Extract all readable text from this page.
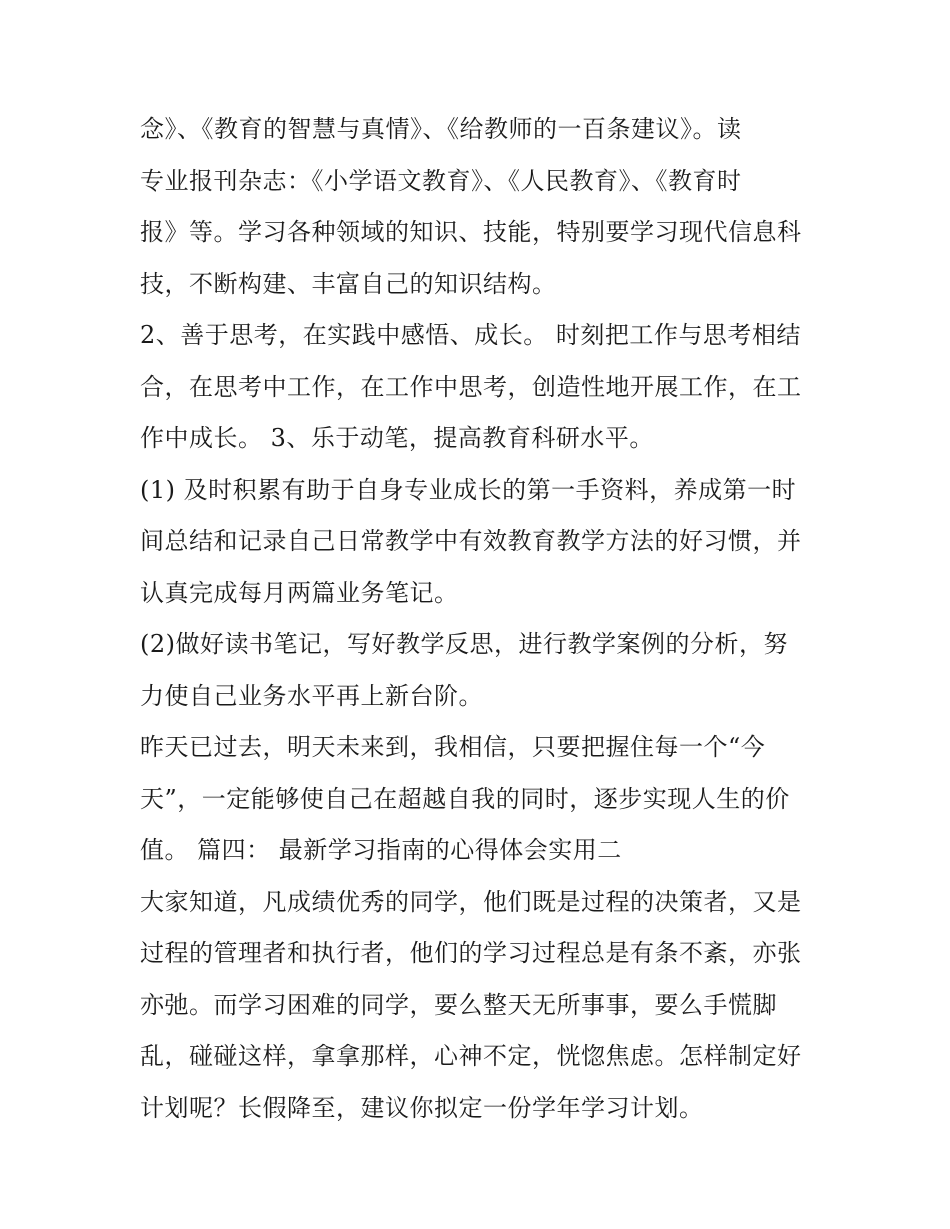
念》、《教育的智慧与真情》、《给教师的一百条建议》。读
专业报刊杂志：《小学语文教育》、《人民教育》、《教育时
报》等。学习各种领域的知识、技能，特别要学习现代信息科
技，不断构建、丰富自己的知识结构。
2、善于思考，在实践中感悟、成长。 时刻把工作与思考相结
合，在思考中工作，在工作中思考，创造性地开展工作，在工
作中成长。 3、乐于动笔，提高教育科研水平。
(1) 及时积累有助于自身专业成长的第一手资料，养成第一时
间总结和记录自己日常教学中有效教育教学方法的好习惯，并
认真完成每月两篇业务笔记。
(2)做好读书笔记，写好教学反思，进行教学案例的分析，努
力使自己业务水平再上新台阶。
昨天已过去，明天未来到，我相信，只要把握住每一个“今
天”，一定能够使自己在超越自我的同时，逐步实现人生的价
值。 篇四： 最新学习指南的心得体会实用二
大家知道，凡成绩优秀的同学，他们既是过程的决策者，又是
过程的管理者和执行者，他们的学习过程总是有条不紊，亦张
亦弛。而学习困难的同学，要么整天无所事事，要么手慌脚
乱，碰碰这样，拿拿那样，心神不定，恍惚焦虑。怎样制定好
计划呢？长假降至，建议你拟定一份学年学习计划。
